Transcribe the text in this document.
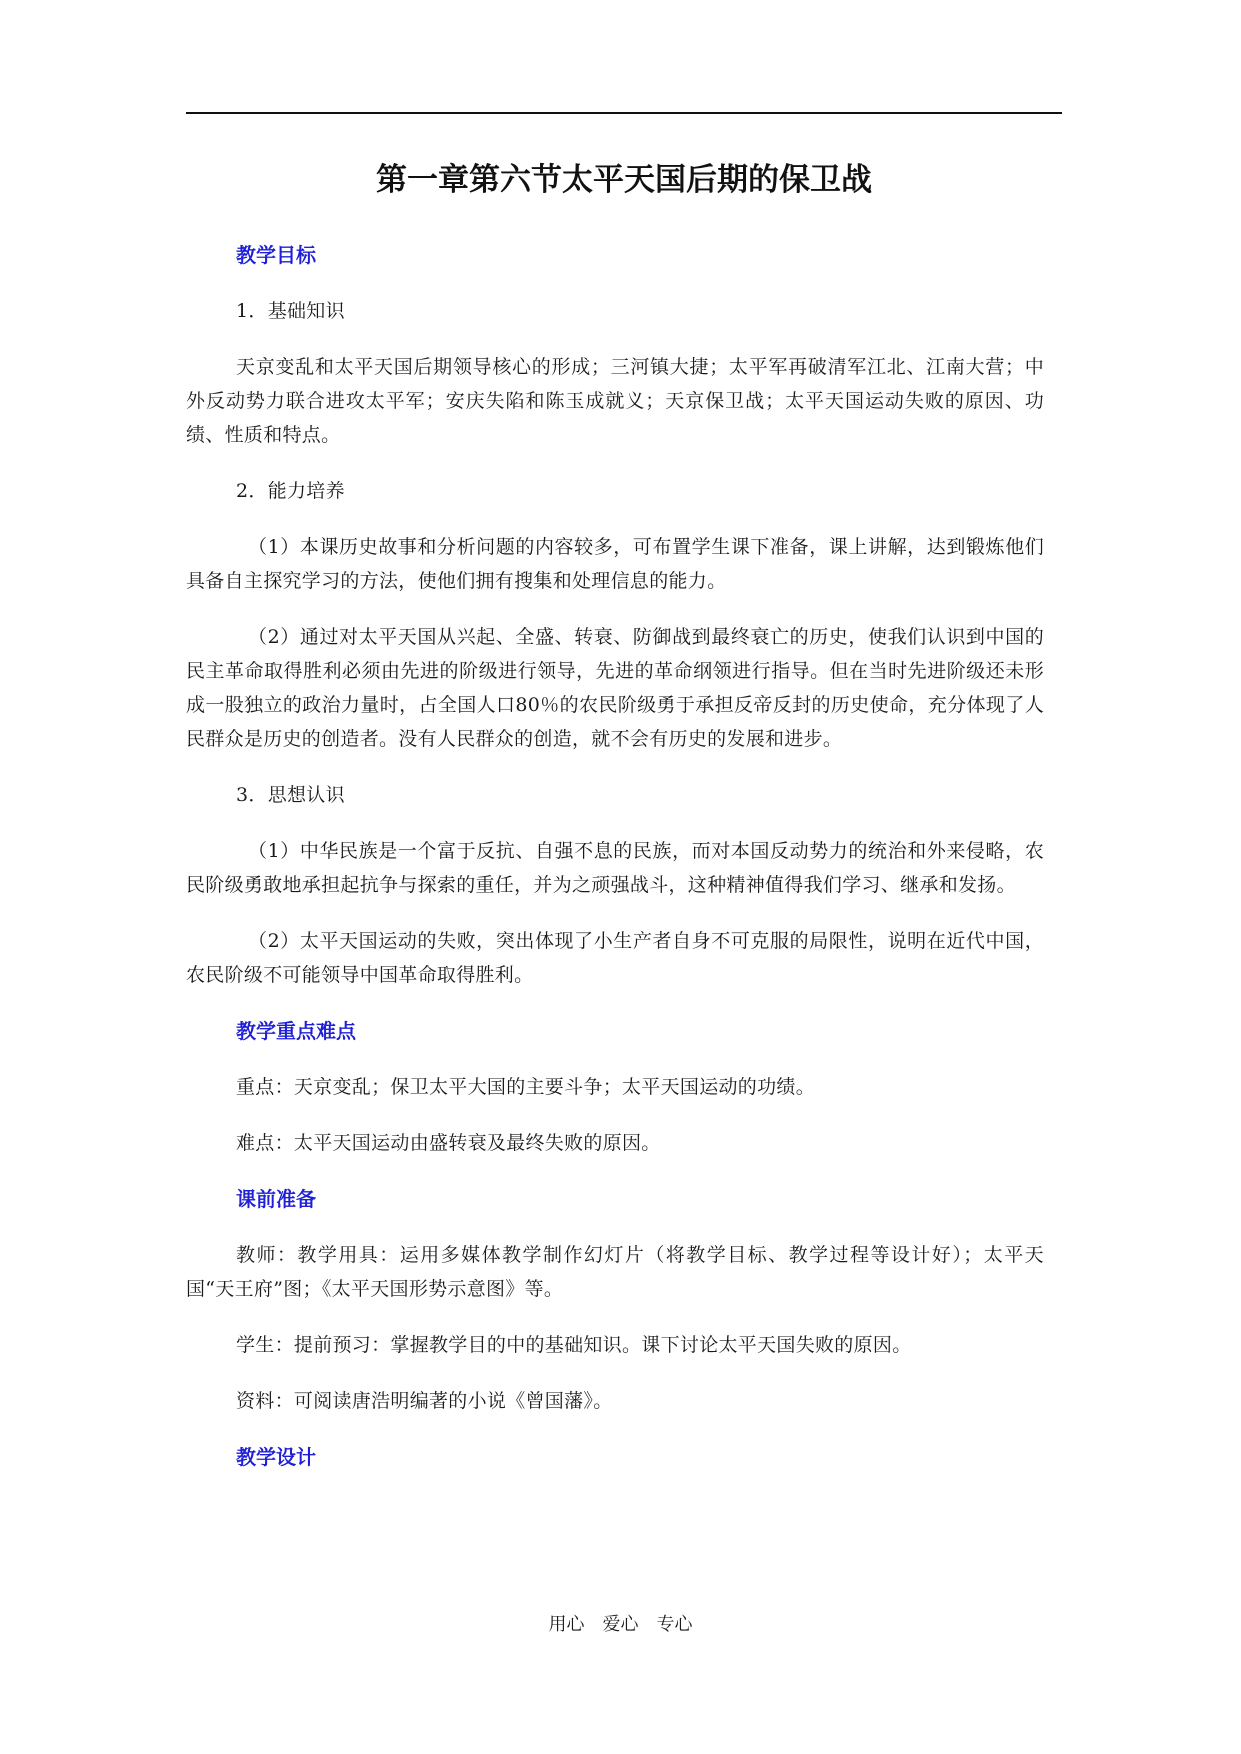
第一章第六节太平天国后期的保卫战
教学目标

1．基础知识

天京变乱和太平天国后期领导核心的形成；三河镇大捷；太平军再破清军江北、江南大营；中外反动势力联合进攻太平军；安庆失陷和陈玉成就义；天京保卫战；太平天国运动失败的原因、功绩、性质和特点。

2．能力培养

（1）本课历史故事和分析问题的内容较多，可布置学生课下准备，课上讲解，达到锻炼他们具备自主探究学习的方法，使他们拥有搜集和处理信息的能力。

（2）通过对太平天国从兴起、全盛、转衰、防御战到最终衰亡的历史，使我们认识到中国的民主革命取得胜利必须由先进的阶级进行领导，先进的革命纲领进行指导。但在当时先进阶级还未形成一股独立的政治力量时，占全国人口80％的农民阶级勇于承担反帝反封的历史使命，充分体现了人民群众是历史的创造者。没有人民群众的创造，就不会有历史的发展和进步。

3．思想认识

（1）中华民族是一个富于反抗、自强不息的民族，而对本国反动势力的统治和外来侵略，农民阶级勇敢地承担起抗争与探索的重任，并为之顽强战斗，这种精神值得我们学习、继承和发扬。

（2）太平天国运动的失败，突出体现了小生产者自身不可克服的局限性，说明在近代中国，农民阶级不可能领导中国革命取得胜利。

教学重点难点

重点：天京变乱；保卫太平大国的主要斗争；太平天国运动的功绩。

难点：太平天国运动由盛转衰及最终失败的原因。

课前准备

教师：教学用具：运用多媒体教学制作幻灯片（将教学目标、教学过程等设计好）；太平天国“天王府”图；《太平天国形势示意图》等。

学生：提前预习：掌握教学目的中的基础知识。课下讨论太平天国失败的原因。

资料：可阅读唐浩明编著的小说《曾国藩》。

教学设计
用心　爱心　专心
